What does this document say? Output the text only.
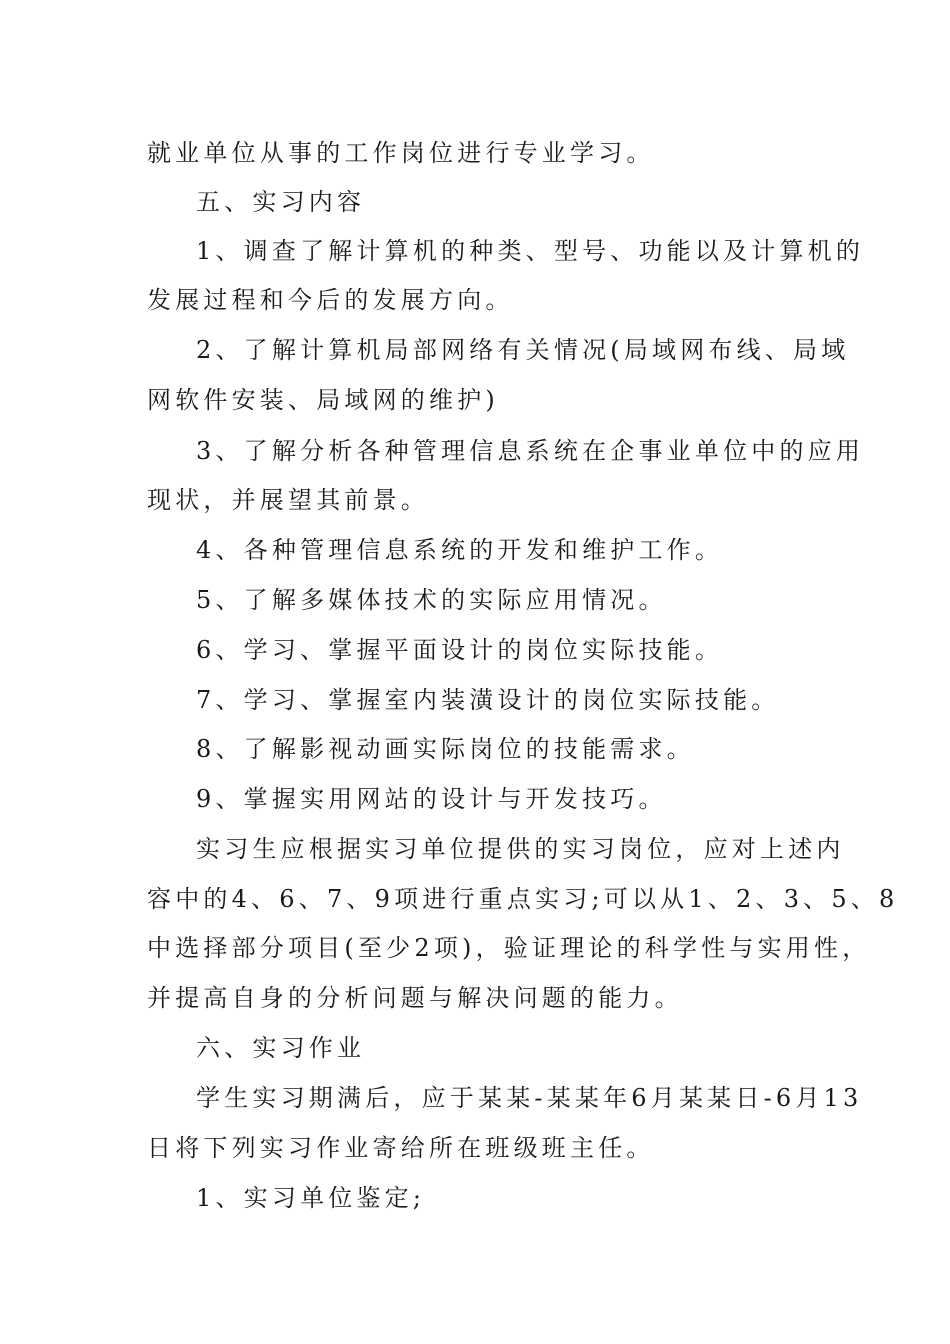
就业单位从事的工作岗位进行专业学习。
五、实习内容
1、调查了解计算机的种类、型号、功能以及计算机的
发展过程和今后的发展方向。
2、了解计算机局部网络有关情况(局域网布线、局域
网软件安装、局域网的维护)
3、了解分析各种管理信息系统在企事业单位中的应用
现状，并展望其前景。
4、各种管理信息系统的开发和维护工作。
5、了解多媒体技术的实际应用情况。
6、学习、掌握平面设计的岗位实际技能。
7、学习、掌握室内装潢设计的岗位实际技能。
8、了解影视动画实际岗位的技能需求。
9、掌握实用网站的设计与开发技巧。
实习生应根据实习单位提供的实习岗位，应对上述内
容中的4、6、7、9项进行重点实习;可以从1、2、3、5、8
中选择部分项目(至少2项)，验证理论的科学性与实用性，
并提高自身的分析问题与解决问题的能力。
六、实习作业
学生实习期满后，应于某某-某某年6月某某日-6月13
日将下列实习作业寄给所在班级班主任。
1、实习单位鉴定;
